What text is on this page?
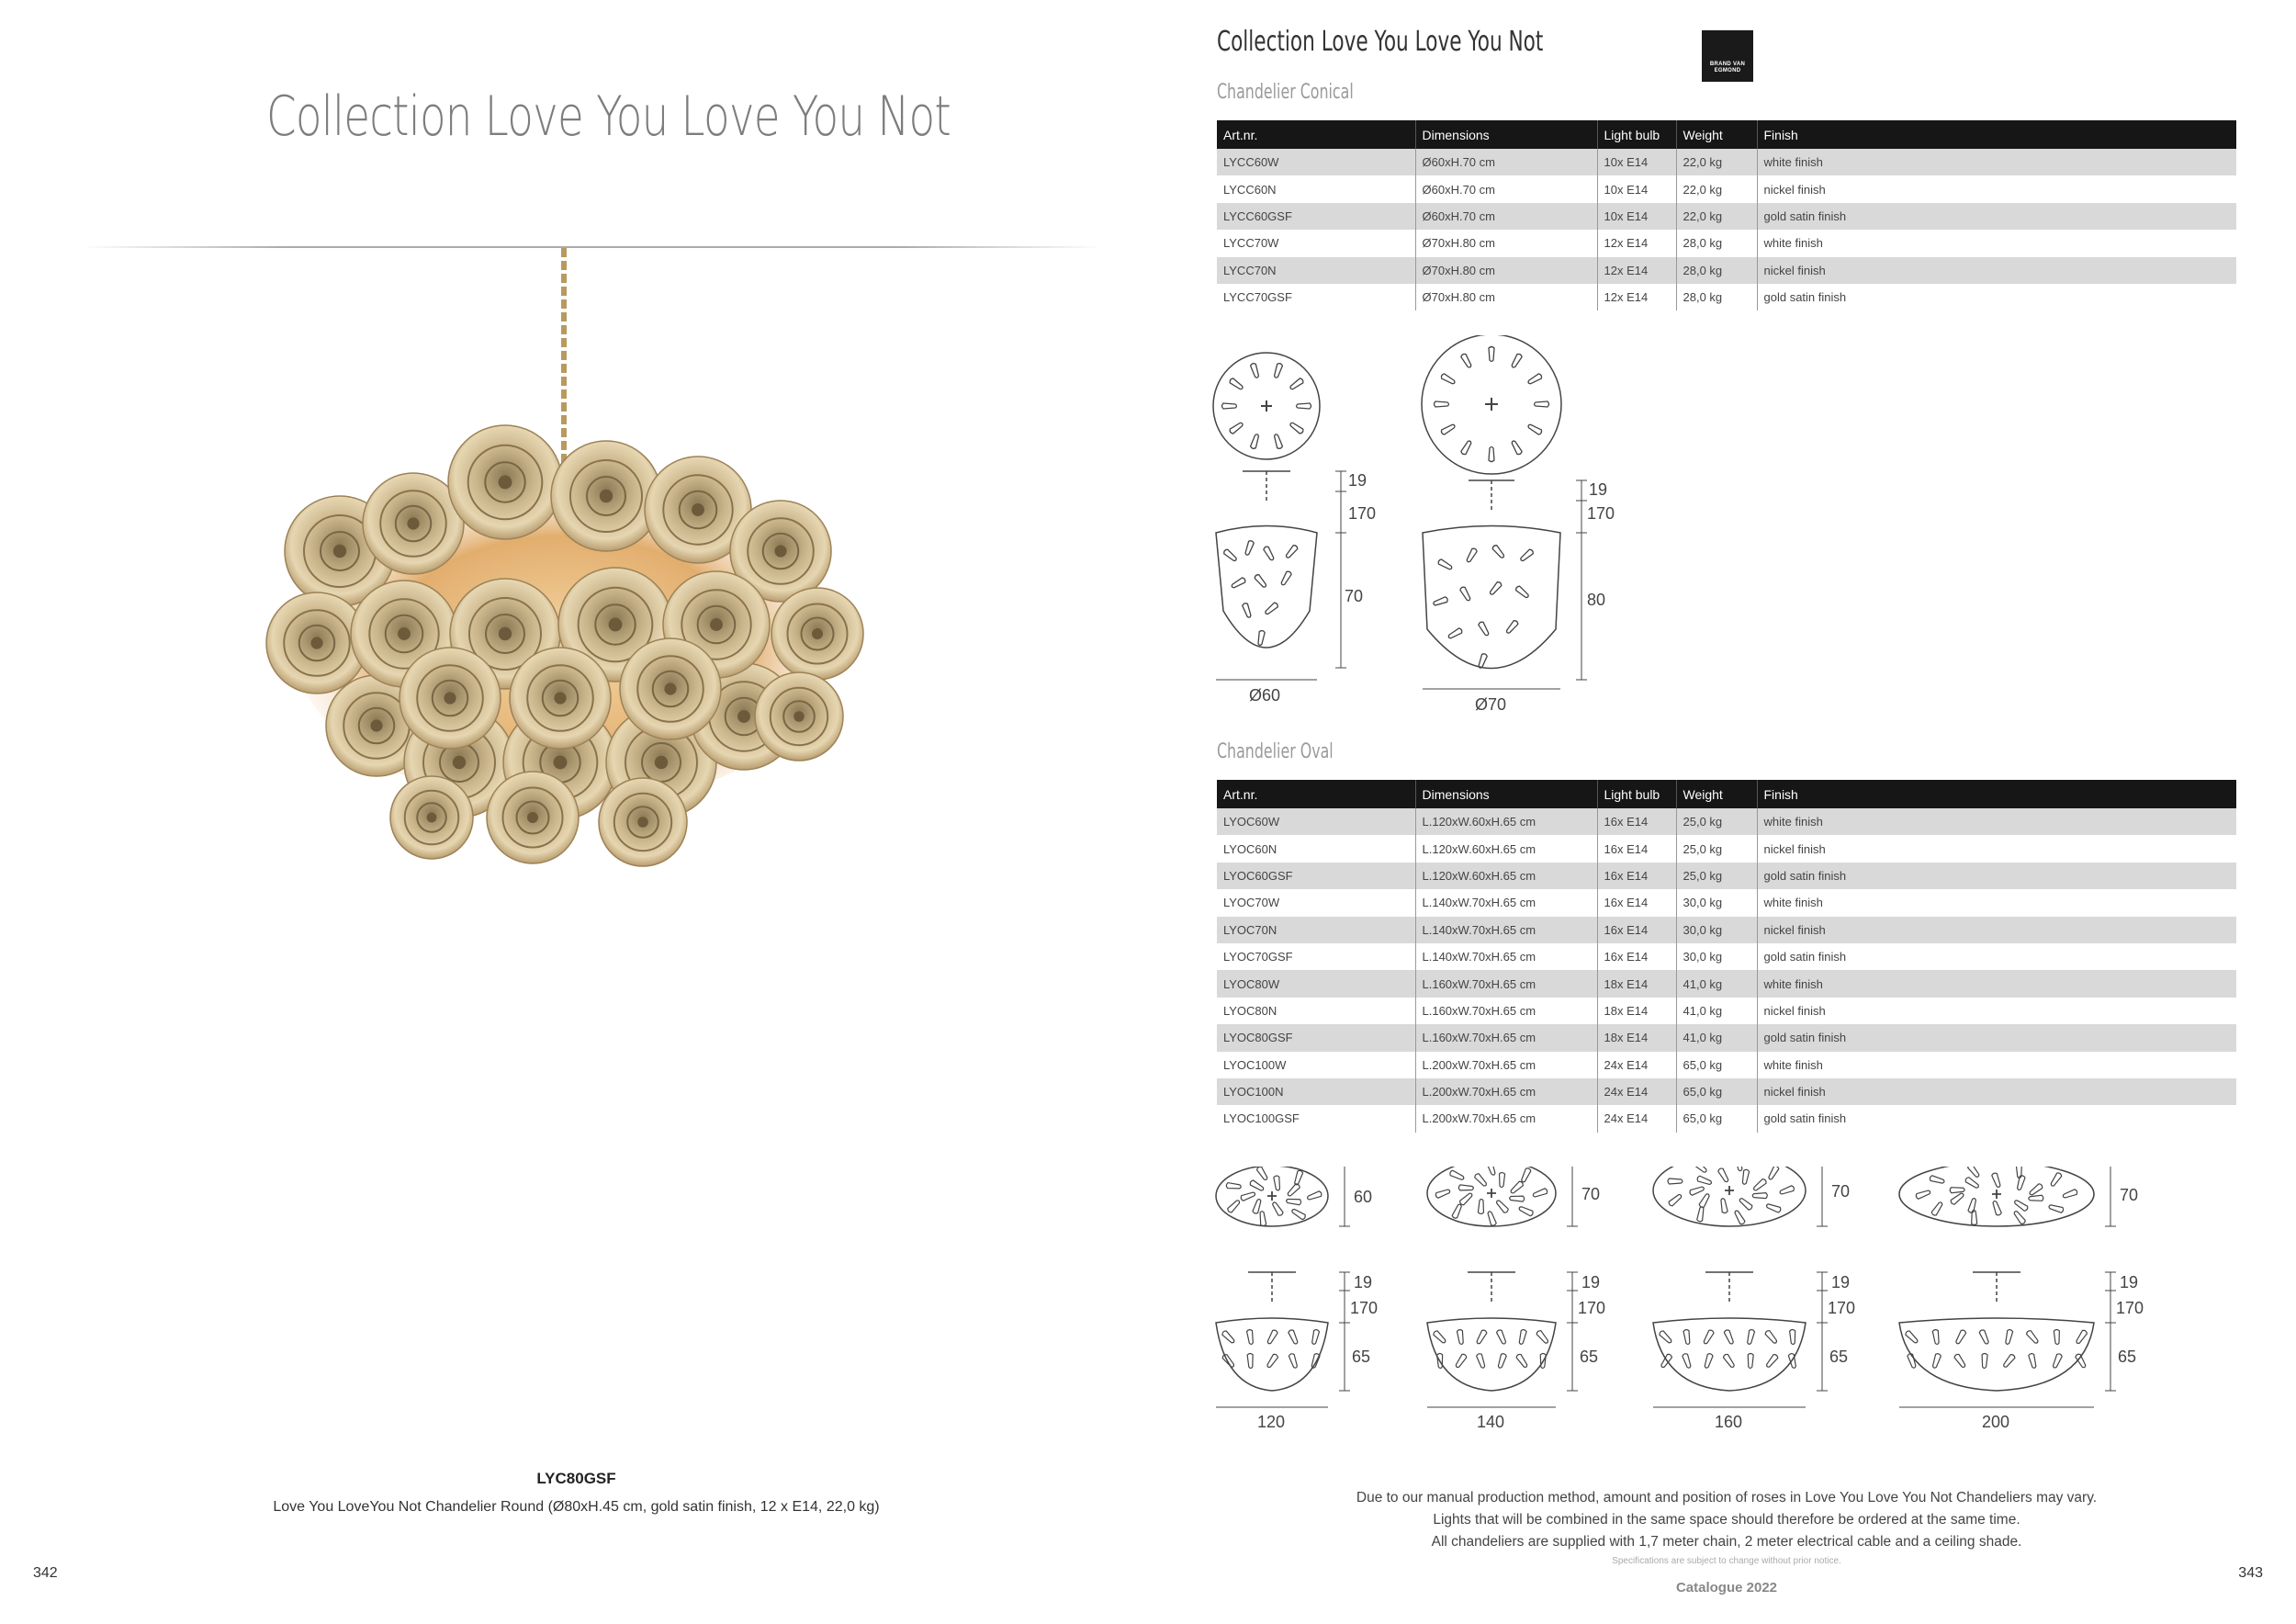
Collection Love You Love You Not
LYC80GSF
Love You LoveYou Not Chandelier Round (Ø80xH.45 cm, gold satin finish, 12 x E14, 22,0 kg)
342
Collection Love You Love You Not
BRAND VAN
EGMOND
Chandelier Conical
Art.nr.	Dimensions	Light bulb	Weight	Finish
LYCC60W	Ø60xH.70 cm	10x E14	22,0 kg	white finish
LYCC60N	Ø60xH.70 cm	10x E14	22,0 kg	nickel finish
LYCC60GSF	Ø60xH.70 cm	10x E14	22,0 kg	gold satin finish
LYCC70W	Ø70xH.80 cm	12x E14	28,0 kg	white finish
LYCC70N	Ø70xH.80 cm	12x E14	28,0 kg	nickel finish
LYCC70GSF	Ø70xH.80 cm	12x E14	28,0 kg	gold satin finish
19
170
70
Ø60
19
170
80
Ø70
Chandelier Oval
Art.nr.	Dimensions	Light bulb	Weight	Finish
LYOC60W	L.120xW.60xH.65 cm	16x E14	25,0 kg	white finish
LYOC60N	L.120xW.60xH.65 cm	16x E14	25,0 kg	nickel finish
LYOC60GSF	L.120xW.60xH.65 cm	16x E14	25,0 kg	gold satin finish
LYOC70W	L.140xW.70xH.65 cm	16x E14	30,0 kg	white finish
LYOC70N	L.140xW.70xH.65 cm	16x E14	30,0 kg	nickel finish
LYOC70GSF	L.140xW.70xH.65 cm	16x E14	30,0 kg	gold satin finish
LYOC80W	L.160xW.70xH.65 cm	18x E14	41,0 kg	white finish
LYOC80N	L.160xW.70xH.65 cm	18x E14	41,0 kg	nickel finish
LYOC80GSF	L.160xW.70xH.65 cm	18x E14	41,0 kg	gold satin finish
LYOC100W	L.200xW.70xH.65 cm	24x E14	65,0 kg	white finish
LYOC100N	L.200xW.70xH.65 cm	24x E14	65,0 kg	nickel finish
LYOC100GSF	L.200xW.70xH.65 cm	24x E14	65,0 kg	gold satin finish
60
19
170
65
120
70
19
170
65
140
70
19
170
65
160
70
19
170
65
200
Due to our manual production method, amount and position of roses in Love You Love You Not Chandeliers may vary.
Lights that will be combined in the same space should therefore be ordered at the same time.
All chandeliers are supplied with 1,7 meter chain, 2 meter electrical cable and a ceiling shade.
Specifications are subject to change without prior notice.
Catalogue 2022
343
